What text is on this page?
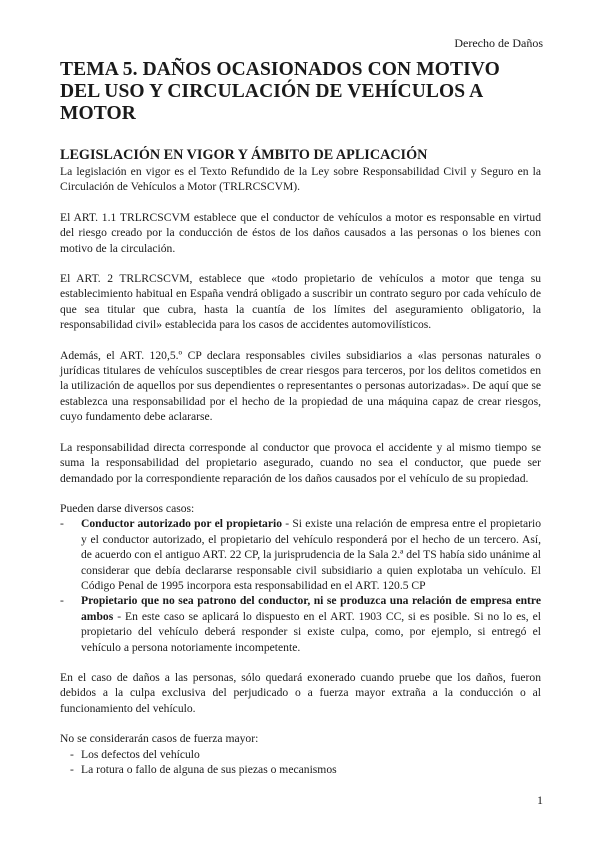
Derecho de Daños
TEMA 5. DAÑOS OCASIONADOS CON MOTIVO DEL USO Y CIRCULACIÓN DE VEHÍCULOS A MOTOR
LEGISLACIÓN EN VIGOR Y ÁMBITO DE APLICACIÓN

La legislación en vigor es el Texto Refundido de la Ley sobre Responsabilidad Civil y Seguro en la Circulación de Vehículos a Motor (TRLRCSCVM).

El ART. 1.1 TRLRCSCVM establece que el conductor de vehículos a motor es responsable en virtud del riesgo creado por la conducción de éstos de los daños causados a las personas o los bienes con motivo de la circulación.

El ART. 2 TRLRCSCVM, establece que «todo propietario de vehículos a motor que tenga su establecimiento habitual en España vendrá obligado a suscribir un contrato seguro por cada vehículo de que sea titular que cubra, hasta la cuantía de los límites del aseguramiento obligatorio, la responsabilidad civil» establecida para los casos de accidentes automovilísticos.

Además, el ART. 120,5.º CP declara responsables civiles subsidiarios a «las personas naturales o jurídicas titulares de vehículos susceptibles de crear riesgos para terceros, por los delitos cometidos en la utilización de aquellos por sus dependientes o representantes o personas autorizadas». De aquí que se establezca una responsabilidad por el hecho de la propiedad de una máquina capaz de crear riesgos, cuyo fundamento debe aclararse.

La responsabilidad directa corresponde al conductor que provoca el accidente y al mismo tiempo se suma la responsabilidad del propietario asegurado, cuando no sea el conductor, que puede ser demandado por la correspondiente reparación de los daños causados por el vehículo de su propiedad.

Pueden darse diversos casos:
-	Conductor autorizado por el propietario - Si existe una relación de empresa entre el propietario y el conductor autorizado, el propietario del vehículo responderá por el hecho de un tercero. Así, de acuerdo con el antiguo ART. 22 CP, la jurisprudencia de la Sala 2.ª del TS había sido unánime al considerar que debía declararse responsable civil subsidiario a quien explotaba un vehículo. El Código Penal de 1995 incorpora esta responsabilidad en el ART. 120.5 CP
-	Propietario que no sea patrono del conductor, ni se produzca una relación de empresa entre ambos - En este caso se aplicará lo dispuesto en el ART. 1903 CC, si es posible. Si no lo es, el propietario del vehículo deberá responder si existe culpa, como, por ejemplo, si entregó el vehículo a persona notoriamente incompetente.

En el caso de daños a las personas, sólo quedará exonerado cuando pruebe que los daños, fueron debidos a la culpa exclusiva del perjudicado o a fuerza mayor extraña a la conducción o al funcionamiento del vehículo.

No se considerarán casos de fuerza mayor:
- Los defectos del vehículo
- La rotura o fallo de alguna de sus piezas o mecanismos
1
